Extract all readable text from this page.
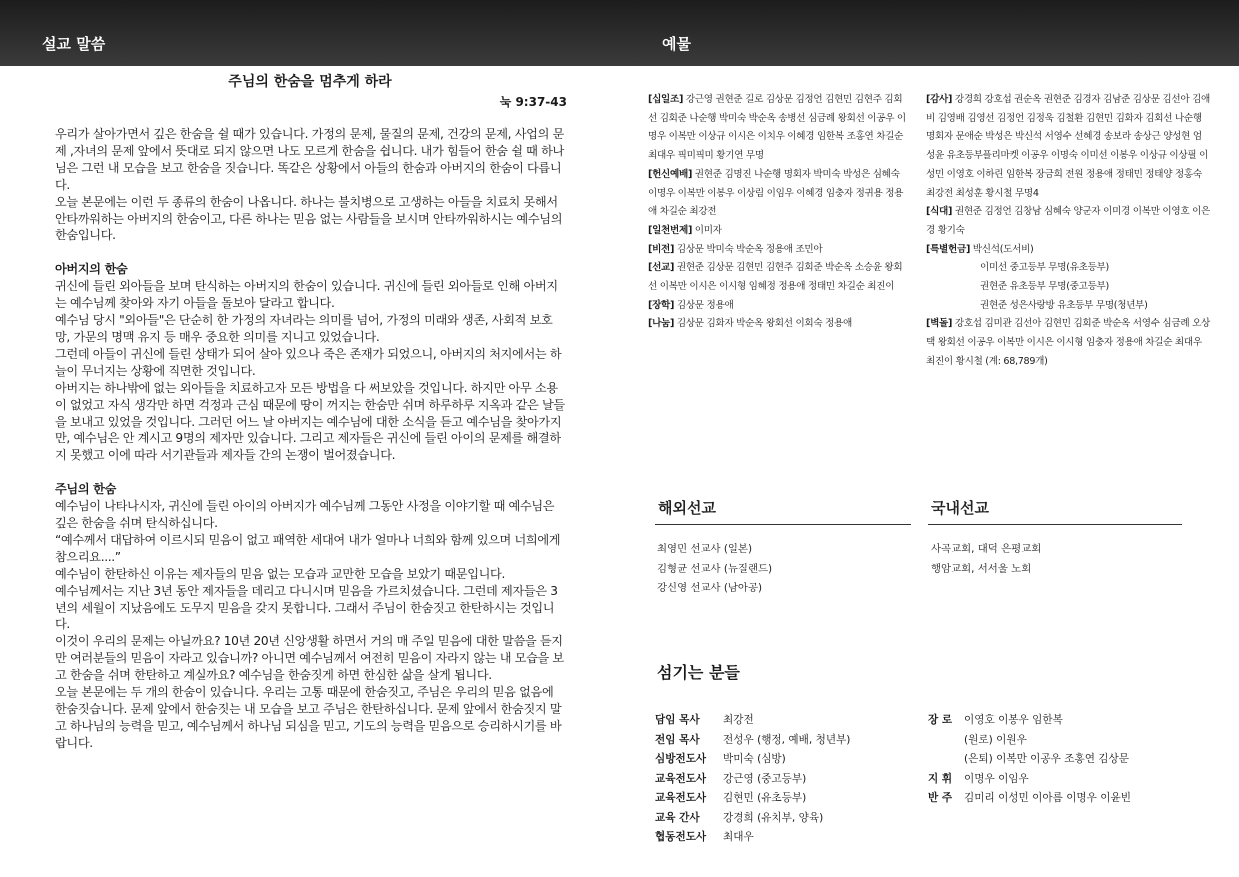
설교 말씀	예물
주님의 한숨을 멈추게 하라
눅 9:37-43
우리가 살아가면서 깊은 한숨을 쉴 때가 있습니다. 가정의 문제, 물질의 문제, 건강의 문제, 사업의 문제 ,자녀의 문제 앞에서 뜻대로 되지 않으면 나도 모르게 한숨을 쉽니다. 내가 힘들어 한숨 쉴 때 하나님은 그런 내 모습을 보고 한숨을 짓습니다. 똑같은 상황에서 아들의 한숨과 아버지의 한숨이 다릅니다.
오늘 본문에는 이런 두 종류의 한숨이 나옵니다. 하나는 불치병으로 고생하는 아들을 치료치 못해서 안타까워하는 아버지의 한숨이고, 다른 하나는 믿음 없는 사람들을 보시며 안타까워하시는 예수님의 한숨입니다.
아버지의 한숨
귀신에 들린 외아들을 보며 탄식하는 아버지의 한숨이 있습니다. 귀신에 들린 외아들로 인해 아버지는 예수님께 찾아와 자기 아들을 돌보아 달라고 합니다.
예수님 당시 "외아들"은 단순히 한 가정의 자녀라는 의미를 넘어, 가정의 미래와 생존, 사회적 보호망, 가문의 명맥 유지 등 매우 중요한 의미를 지니고 있었습니다.
그런데 아들이 귀신에 들린 상태가 되어 살아 있으나 죽은 존재가 되었으니, 아버지의 처지에서는 하늘이 무너지는 상황에 직면한 것입니다.
아버지는 하나밖에 없는 외아들을 치료하고자 모든 방법을 다 써보았을 것입니다. 하지만 아무 소용이 없었고 자식 생각만 하면 걱정과 근심 때문에 땅이 꺼지는 한숨만 쉬며 하루하루 지옥과 같은 날들을 보내고 있었을 것입니다. 그러던 어느 날 아버지는 예수님에 대한 소식을 듣고 예수님을 찾아가지만, 예수님은 안 계시고 9명의 제자만 있습니다. 그리고 제자들은 귀신에 들린 아이의 문제를 해결하지 못했고 이에 따라 서기관들과 제자들 간의 논쟁이 벌어졌습니다.
주님의 한숨
예수님이 나타나시자, 귀신에 들린 아이의 아버지가 예수님께 그동안 사정을 이야기할 때 예수님은 깊은 한숨을 쉬며 탄식하십니다.
“예수께서 대답하여 이르시되 믿음이 없고 패역한 세대여 내가 얼마나 너희와 함께 있으며 너희에게 참으리요....”
예수님이 한탄하신 이유는 제자들의 믿음 없는 모습과 교만한 모습을 보았기 때문입니다.
예수님께서는 지난 3년 동안 제자들을 데리고 다니시며 믿음을 가르치셨습니다. 그런데 제자들은 3년의 세월이 지났음에도 도무지 믿음을 갖지 못합니다. 그래서 주님이 한숨짓고 한탄하시는 것입니다.
이것이 우리의 문제는 아닐까요? 10년 20년 신앙생활 하면서 거의 매 주일 믿음에 대한 말씀을 듣지만 여러분들의 믿음이 자라고 있습니까? 아니면 예수님께서 여전히 믿음이 자라지 않는 내 모습을 보고 한숨을 쉬며 한탄하고 계실까요? 예수님을 한숨짓게 하면 한심한 삶을 살게 됩니다.
오늘 본문에는 두 개의 한숨이 있습니다. 우리는 고통 때문에 한숨짓고, 주님은 우리의 믿음 없음에 한숨짓습니다. 문제 앞에서 한숨짓는 내 모습을 보고 주님은 한탄하십니다. 문제 앞에서 한숨짓지 말고 하나님의 능력을 믿고, 예수님께서 하나님 되심을 믿고, 기도의 능력을 믿음으로 승리하시기를 바랍니다.
[십일조] 강근영 권현준 길로 김상문 김정언 김현민 김현주 김회선 김회준 나순행 박미숙 박순옥 송병선 심금례 왕회선 이공우 이명우 이복만 이상규 이시은 이치우 이혜경 임한복 조홍연 차길순 최대우 픽미픽미 황기연 무명
[헌신예배] 권현준 김명진 나순행 명회자 박미숙 박성은 심혜숙 이명우 이복만 이봉우 이상림 이임우 이혜경 임충자 정귀용 정용애 차길순 최강전
[일천번제] 이미자
[비전] 김상문 박미숙 박순옥 정용애 조민아
[선교] 권현준 김상문 김현민 김현주 김회준 박순옥 소승윤 왕회선 이복만 이시은 이시형 임혜정 정용애 정태민 차길순 최진이
[장학] 김상문 정용애
[나눔] 김상문 김화자 박순옥 왕회선 이회숙 정용애
[감사] 강경희 강호섭 권순옥 권현준 김경자 김남준 김상문 김선아 김애비 김영배 김영선 김정언 김정욱 김철환 김현민 김화자 김회선 나순행 명회자 문애순 박성은 박신석 서영수 선혜경 송보라 송상근 양성현 엄성윤 유초등부플리마켓 이공우 이명숙 이미선 이봉우 이상규 이상필 이성민 이영호 이하린 임한복 장금희 전원 정용애 정태민 정태양 정홍숙 최강전 최성훈 황시철 무명4
[식대] 권현준 김정언 김창남 심혜숙 양군자 이미경 이복만 이영호 이은경 황기숙
[특별헌금] 박신석(도서비)
이미선 중고등부 무명(유초등부)
권현준 유초등부 무명(중고등부)
권현준 성은사랑방 유초등부 무명(청년부)
[벽돌] 강호섭 김미관 김선아 김현민 김회준 박순옥 서영수 심금례 오상택 왕회선 이공우 이복만 이시은 이시형 임충자 정용애 차길순 최대우 최진이 황시철 (계: 68,789개)
해외선교
최영민 선교사 (일본)
김형균 선교사 (뉴질랜드)
강신영 선교사 (남아공)
국내선교
사곡교회, 대덕 은평교회
행암교회, 서서울 노회
섬기는 분들
담임 목사 최강전
전임 목사 전성우 (행정, 예배, 청년부)
심방전도사 박미숙 (심방)
교육전도사 강근영 (중고등부)
교육전도사 김현민 (유초등부)
교육 간사 강경희 (유치부, 양육)
협동전도사 최대우
장 로 이영호 이봉우 임한복
(원로) 이원우
(은퇴) 이복만 이공우 조홍연 김상문
지 휘 이명우 이임우
반 주 김미리 이성민 이아름 이명우 이윤빈
